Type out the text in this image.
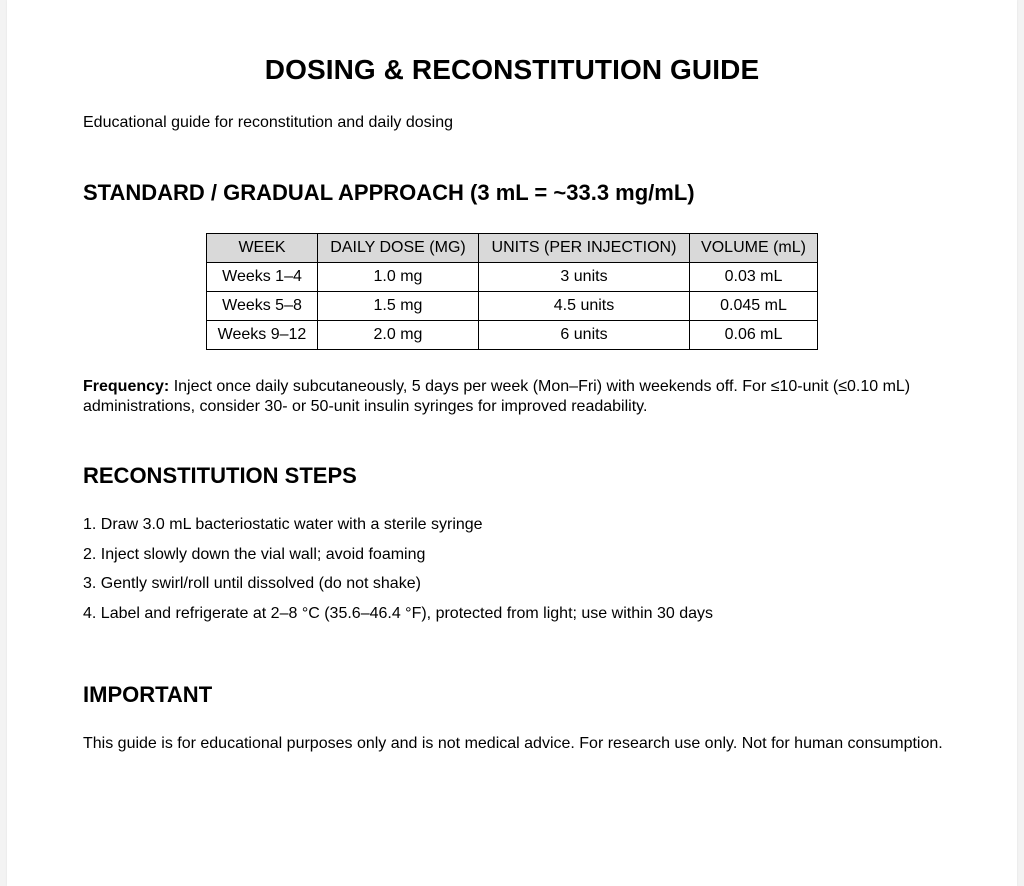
DOSING & RECONSTITUTION GUIDE

Educational guide for reconstitution and daily dosing

STANDARD / GRADUAL APPROACH (3 mL = ~33.3 mg/mL)
WEEK	DAILY DOSE (MG)	UNITS (PER INJECTION)	VOLUME (mL)
Weeks 1–4	1.0 mg	3 units	0.03 mL
Weeks 5–8	1.5 mg	4.5 units	0.045 mL
Weeks 9–12	2.0 mg	6 units	0.06 mL

Frequency: Inject once daily subcutaneously, 5 days per week (Mon–Fri) with weekends off. For ≤10-unit (≤0.10 mL) administrations, consider 30- or 50-unit insulin syringes for improved readability.

RECONSTITUTION STEPS
1. Draw 3.0 mL bacteriostatic water with a sterile syringe
2. Inject slowly down the vial wall; avoid foaming
3. Gently swirl/roll until dissolved (do not shake)
4. Label and refrigerate at 2–8 °C (35.6–46.4 °F), protected from light; use within 30 days
IMPORTANT

This guide is for educational purposes only and is not medical advice. For research use only. Not for human consumption.
